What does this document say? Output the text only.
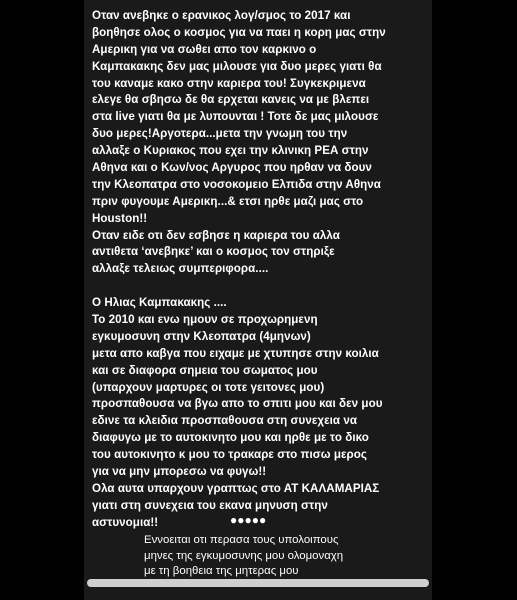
Οταν ανεβηκε ο ερανικος λογ/σμος το 2017 και
βοηθησε ολος ο κοσμος για να παει η κορη μας στην
Αμερικη για να σωθει απο τον καρκινο ο
Καμπακακης δεν μας μιλουσε για δυο μερες γιατι θα
του καναμε κακο στην καριερα του! Συγκεκριμενα
ελεγε θα σβησω δε θα ερχεται κανεις να με βλεπει
στα live γιατι θα με λυπουνται ! Τοτε δε μας μιλουσε
δυο μερες!Αργοτερα...μετα την γνωμη του την
αλλαξε ο Κυριακος που εχει την κλινικη ΡΕΑ στην
Αθηνα και ο Κων/νος Αργυρος που ηρθαν να δουν
την Κλεοπατρα στο νοσοκομειο Ελπιδα στην Αθηνα
πριν φυγουμε Αμερικη...& ετσι ηρθε μαζι μας στο
Houston!!
Οταν ειδε οτι δεν εσβησε η καριερα του αλλα
αντιθετα ‘ανεβηκε’ και ο κοσμος τον στηριξε
αλλαξε τελειως συμπεριφορα....
Ο Ηλιας Καμπακακης ....
Το 2010 και ενω ημουν σε προχωρημενη
εγκυμοσυνη στην Κλεοπατρα (4μηνων)
μετα απο καβγα που ειχαμε με χτυπησε στην κοιλια
και σε διαφορα σημεια του σωματος μου
(υπαρχουν μαρτυρες οι τοτε γειτονες μου)
προσπαθουσα να βγω απο το σπιτι μου και δεν μου
εδινε τα κλειδια προσπαθουσα στη συνεχεια να
διαφυγω με το αυτοκινητο μου και ηρθε με το δικο
του αυτοκινητο κ μου το τρακαρε στο πισω μερος
για να μην μπορεσω να φυγω!!
Ολα αυτα υπαρχουν γραπτως στο ΑΤ ΚΑΛΑΜΑΡΙΑΣ
γιατι στη συνεχεια του εκανα μηνυση στην
αστυνομια!!	●●●●●
Εννοειται οτι περασα τους υπολοιπους
μηνες της εγκυμοσυνης μου ολομοναχη
με τη βοηθεια της μητερας μου
